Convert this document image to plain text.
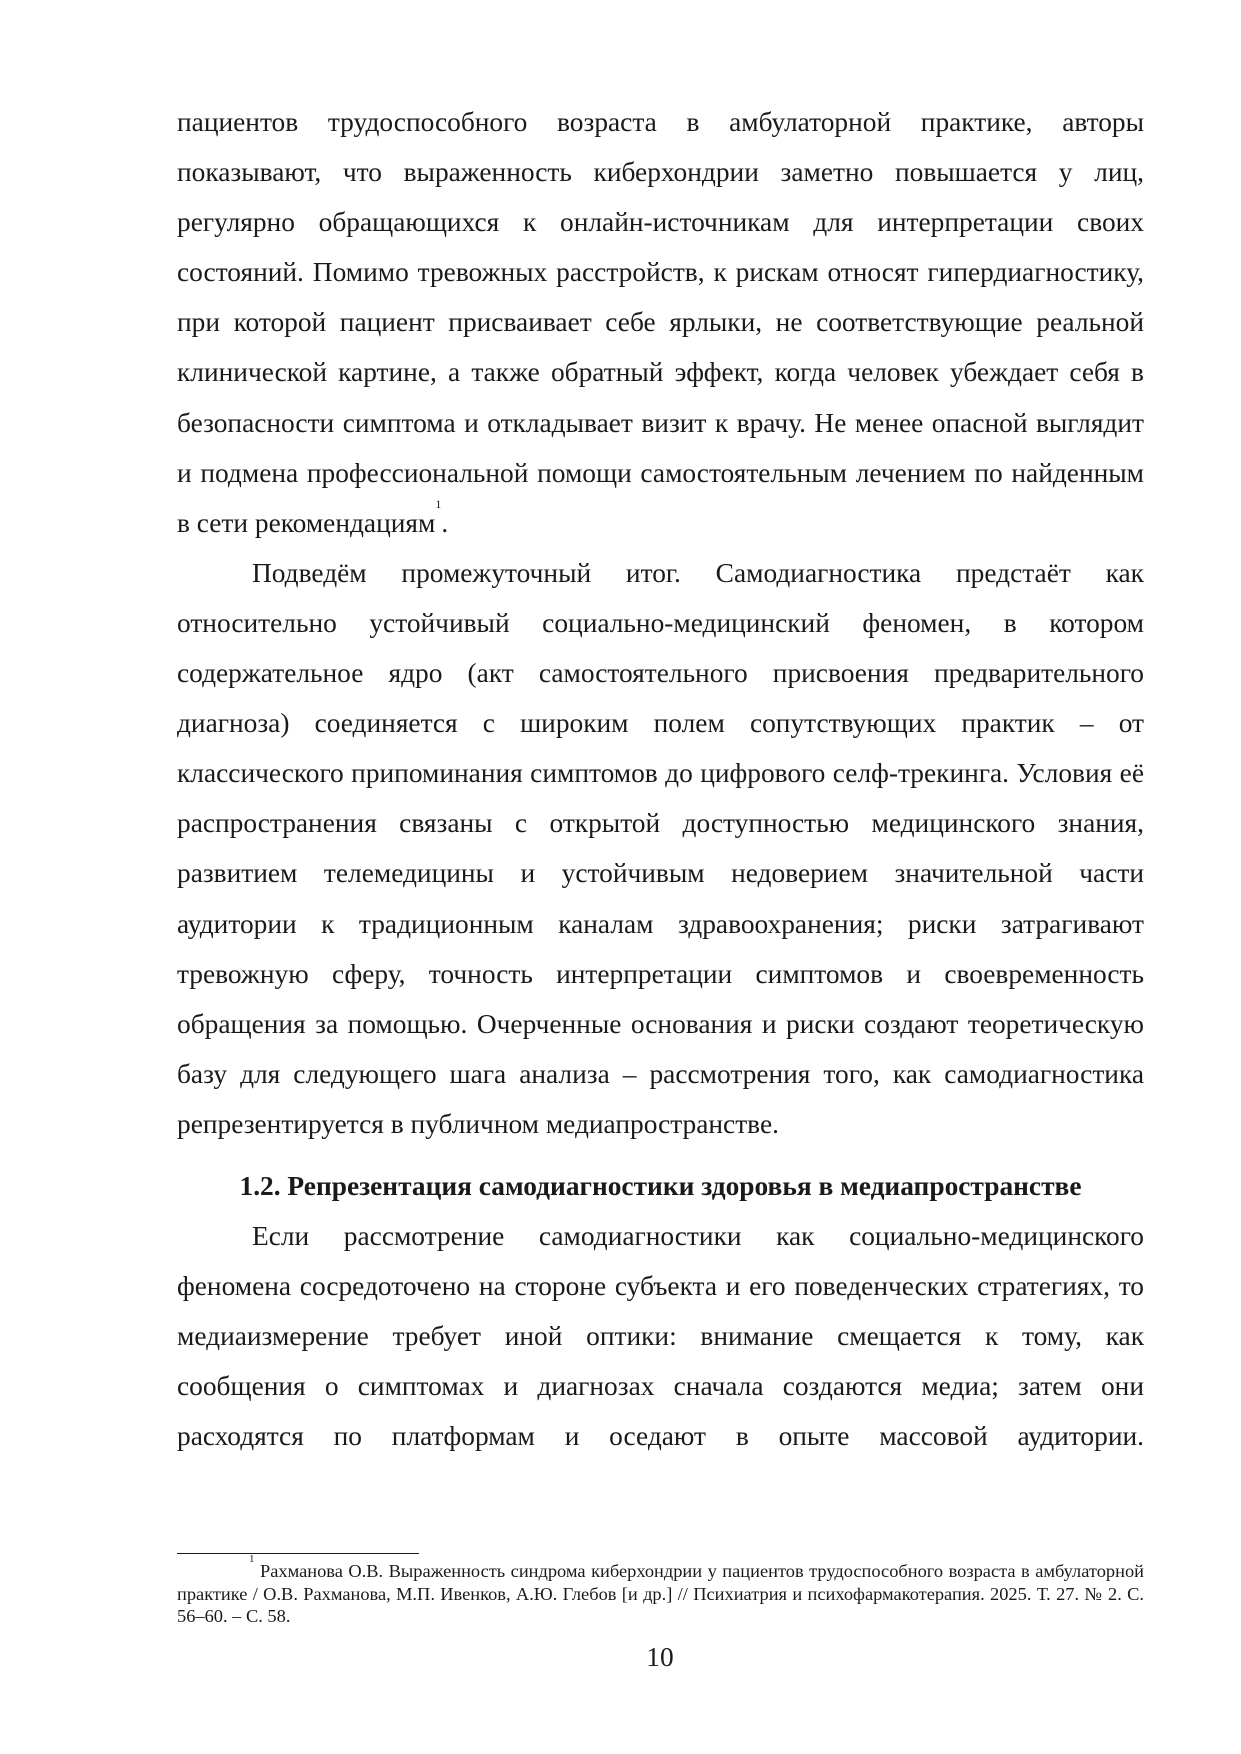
пациентов трудоспособного возраста в амбулаторной практике, авторы показывают, что выраженность киберхондрии заметно повышается у лиц, регулярно обращающихся к онлайн-источникам для интерпретации своих состояний. Помимо тревожных расстройств, к рискам относят гипердиагностику, при которой пациент присваивает себе ярлыки, не соответствующие реальной клинической картине, а также обратный эффект, когда человек убеждает себя в безопасности симптома и откладывает визит к врачу. Не менее опасной выглядит и подмена профессиональной помощи самостоятельным лечением по найденным в сети рекомендациям$^1$.

Подведём промежуточный итог. Самодиагностика предстаёт как относительно устойчивый социально-медицинский феномен, в котором содержательное ядро (акт самостоятельного присвоения предварительного диагноза) соединяется с широким полем сопутствующих практик – от классического припоминания симптомов до цифрового селф-трекинга. Условия её распространения связаны с открытой доступностью медицинского знания, развитием телемедицины и устойчивым недоверием значительной части аудитории к традиционным каналам здравоохранения; риски затрагивают тревожную сферу, точность интерпретации симптомов и своевременность обращения за помощью. Очерченные основания и риски создают теоретическую базу для следующего шага анализа – рассмотрения того, как самодиагностика репрезентируется в публичном медиапространстве.

1.2. Репрезентация самодиагностики здоровья в медиапространстве

Если рассмотрение самодиагностики как социально-медицинского феномена сосредоточено на стороне субъекта и его поведенческих стратегиях, то медиаизмерение требует иной оптики: внимание смещается к тому, как сообщения о симптомах и диагнозах сначала создаются медиа; затем они расходятся по платформам и оседают в опыте массовой аудитории.

$^1$ Рахманова О.В. Выраженность синдрома киберхондрии у пациентов трудоспособного возраста в амбулаторной практике / О.В. Рахманова, М.П. Ивенков, А.Ю. Глебов [и др.] // Психиатрия и психофармакотерапия. 2025. Т. 27. № 2. С. 56–60. – С. 58.
10
